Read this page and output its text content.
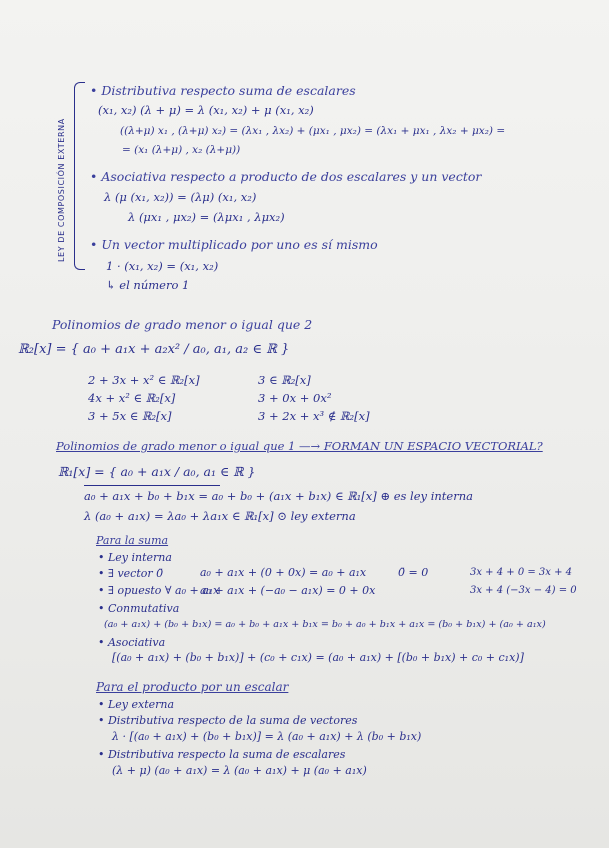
LEY DE COMPOSICIÓN EXTERNA
• Distributiva respecto suma de escalares
(x₁, x₂) (λ + μ) = λ (x₁, x₂) + μ (x₁, x₂)
((λ+μ) x₁ , (λ+μ) x₂) = (λx₁ , λx₂) + (μx₁ , μx₂) = (λx₁ + μx₁ , λx₂ + μx₂) =
= (x₁ (λ+μ) , x₂ (λ+μ))
• Asociativa respecto a producto de dos escalares y un vector
λ (μ (x₁, x₂)) = (λμ) (x₁, x₂)
λ (μx₁ , μx₂) = (λμx₁ , λμx₂)
• Un vector multiplicado por uno es sí mismo
1 · (x₁, x₂) = (x₁, x₂)
↳ el número 1
Polinomios de grado menor o igual que 2
ℝ₂[x] = { a₀ + a₁x + a₂x² / a₀, a₁, a₂ ∈ ℝ }
2 + 3x + x² ∈ ℝ₂[x]	3 ∈ ℝ₂[x]
4x + x² ∈ ℝ₂[x]	3 + 0x + 0x²
3 + 5x ∈ ℝ₂[x]	3 + 2x + x³ ∉ ℝ₂[x]
Polinomios de grado menor o igual que 1 —→ FORMAN UN ESPACIO VECTORIAL?
ℝ₁[x] = { a₀ + a₁x / a₀, a₁ ∈ ℝ }
a₀ + a₁x + b₀ + b₁x = a₀ + b₀ + (a₁x + b₁x) ∈ ℝ₁[x] ⊕ es ley interna
λ (a₀ + a₁x) = λa₀ + λa₁x ∈ ℝ₁[x] ⊙ ley externa
Para la suma
• Ley interna
• ∃ vector 0̄	a₀ + a₁x + (0 + 0x) = a₀ + a₁x	0̄ = 0	3x + 4 + 0 = 3x + 4
• ∃ opuesto ∀ a₀ + a₁x
a₀ + a₁x + (−a₀ − a₁x) = 0 + 0x	3x + 4 (−3x − 4) = 0
• Conmutativa
(a₀ + a₁x) + (b₀ + b₁x) = a₀ + b₀ + a₁x + b₁x = b₀ + a₀ + b₁x + a₁x = (b₀ + b₁x) + (a₀ + a₁x)
• Asociativa
[(a₀ + a₁x) + (b₀ + b₁x)] + (c₀ + c₁x) = (a₀ + a₁x) + [(b₀ + b₁x) + c₀ + c₁x)]
Para el producto por un escalar
• Ley externa
• Distributiva respecto de la suma de vectores
λ · [(a₀ + a₁x) + (b₀ + b₁x)] = λ (a₀ + a₁x) + λ (b₀ + b₁x)
• Distributiva respecto la suma de escalares
(λ + μ) (a₀ + a₁x) = λ (a₀ + a₁x) + μ (a₀ + a₁x)
